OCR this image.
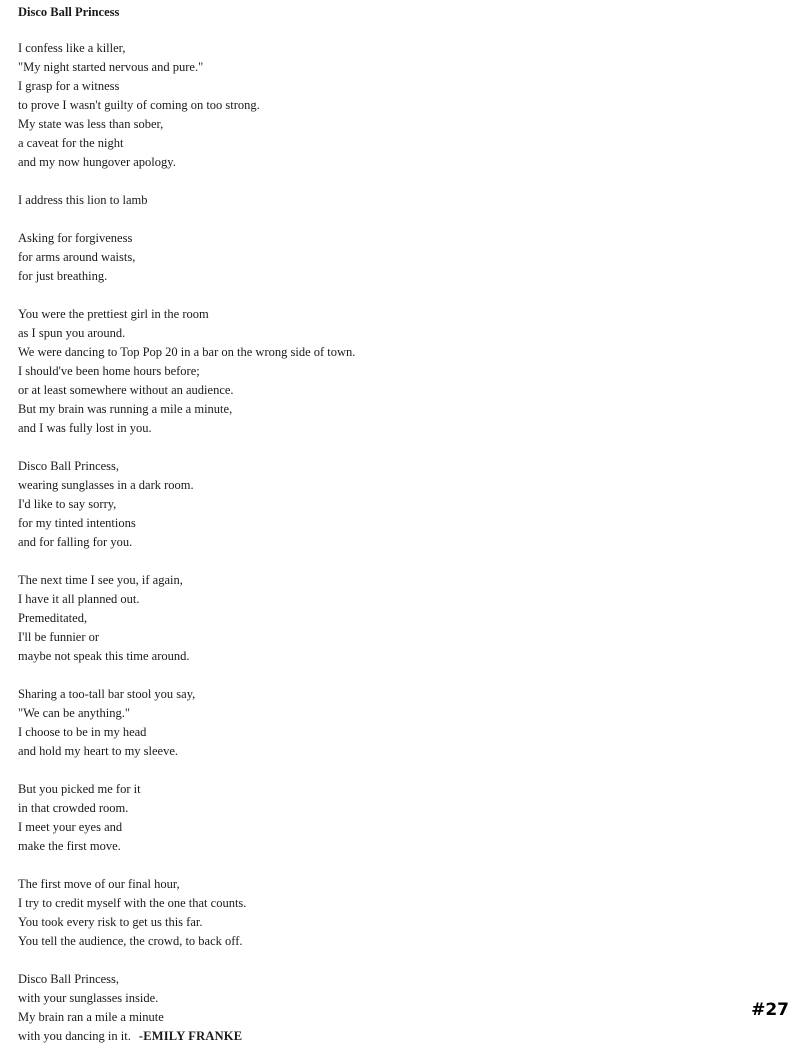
Disco Ball Princess
I confess like a killer,
"My night started nervous and pure."
I grasp for a witness
to prove I wasn't guilty of coming on too strong.
My state was less than sober,
a caveat for the night
and my now hungover apology.
I address this lion to lamb
Asking for forgiveness
for arms around waists,
for just breathing.
You were the prettiest girl in the room
as I spun you around.
We were dancing to Top Pop 20 in a bar on the wrong side of town.
I should've been home hours before;
or at least somewhere without an audience.
But my brain was running a mile a minute,
and I was fully lost in you.
Disco Ball Princess,
wearing sunglasses in a dark room.
I'd like to say sorry,
for my tinted intentions
and for falling for you.
The next time I see you, if again,
I have it all planned out.
Premeditated,
I'll be funnier or
maybe not speak this time around.
Sharing a too-tall bar stool you say,
"We can be anything."
I choose to be in my head
and hold my heart to my sleeve.
But you picked me for it
in that crowded room.
I meet your eyes and
make the first move.
The first move of our final hour,
I try to credit myself with the one that counts.
You took every risk to get us this far.
You tell the audience, the crowd, to back off.
Disco Ball Princess,
with your sunglasses inside.
My brain ran a mile a minute
with you dancing in it. -EMILY FRANKE
#27
